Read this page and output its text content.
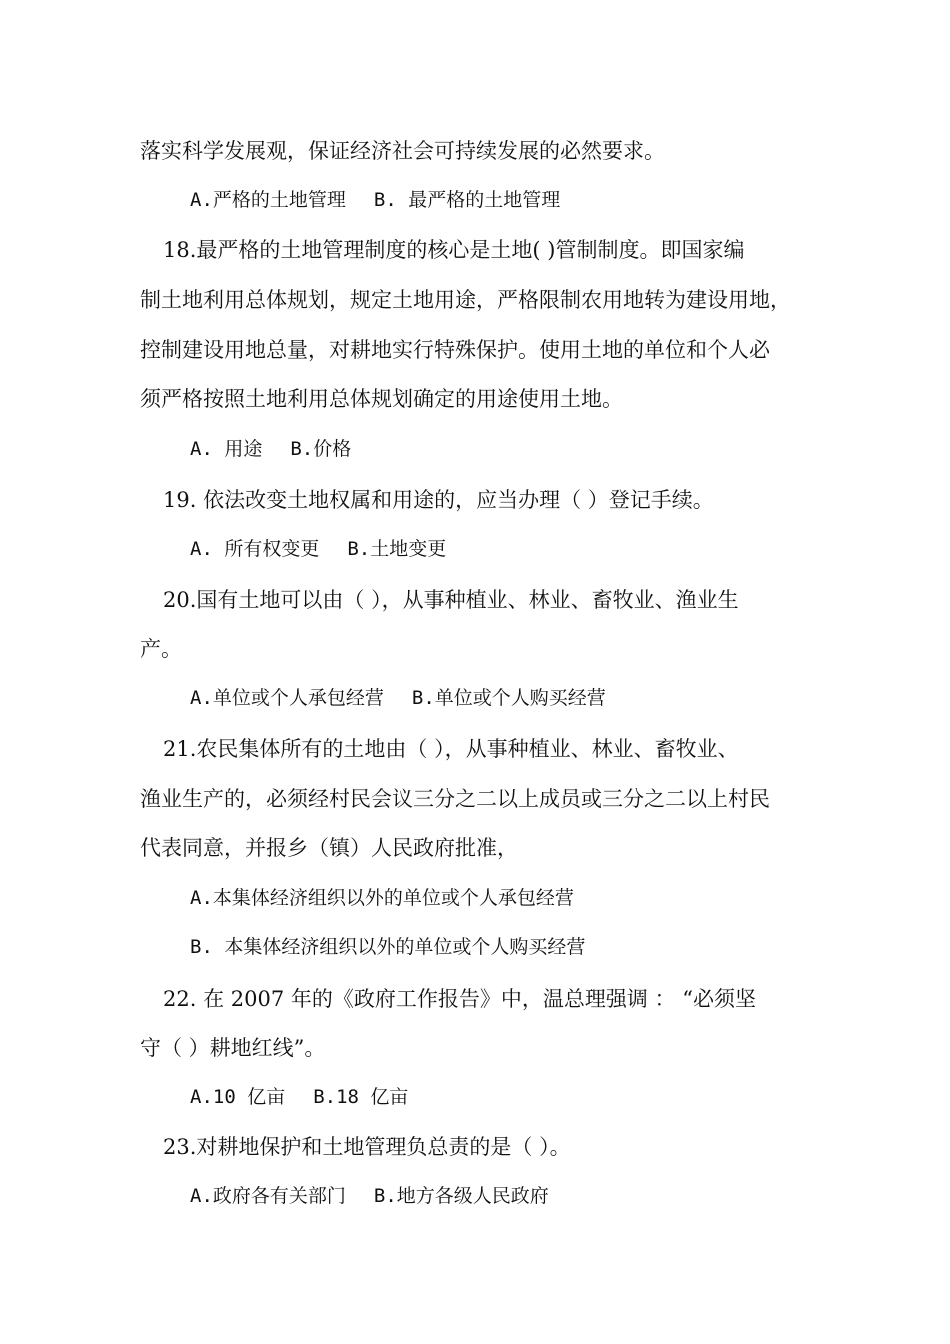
落实科学发展观，保证经济社会可持续发展的必然要求。
A.严格的土地管理 B. 最严格的土地管理
18.最严格的土地管理制度的核心是土地( )管制制度。即国家编
制土地利用总体规划，规定土地用途，严格限制农用地转为建设用地，
控制建设用地总量，对耕地实行特殊保护。使用土地的单位和个人必
须严格按照土地利用总体规划确定的用途使用土地。
A. 用途 B.价格
19. 依法改变土地权属和用途的，应当办理（ ）登记手续。
A. 所有权变更 B.土地变更
20.国有土地可以由（ ），从事种植业、林业、畜牧业、渔业生
产。
A.单位或个人承包经营 B.单位或个人购买经营
21.农民集体所有的土地由（ ），从事种植业、林业、畜牧业、
渔业生产的，必须经村民会议三分之二以上成员或三分之二以上村民
代表同意，并报乡（镇）人民政府批准，
A.本集体经济组织以外的单位或个人承包经营
B. 本集体经济组织以外的单位或个人购买经营
22. 在 2007 年的《政府工作报告》中，温总理强调 ： “必须坚
守（ ）耕地红线”。
A.10 亿亩 B.18 亿亩
23.对耕地保护和土地管理负总责的是（ ）。
A.政府各有关部门 B.地方各级人民政府
